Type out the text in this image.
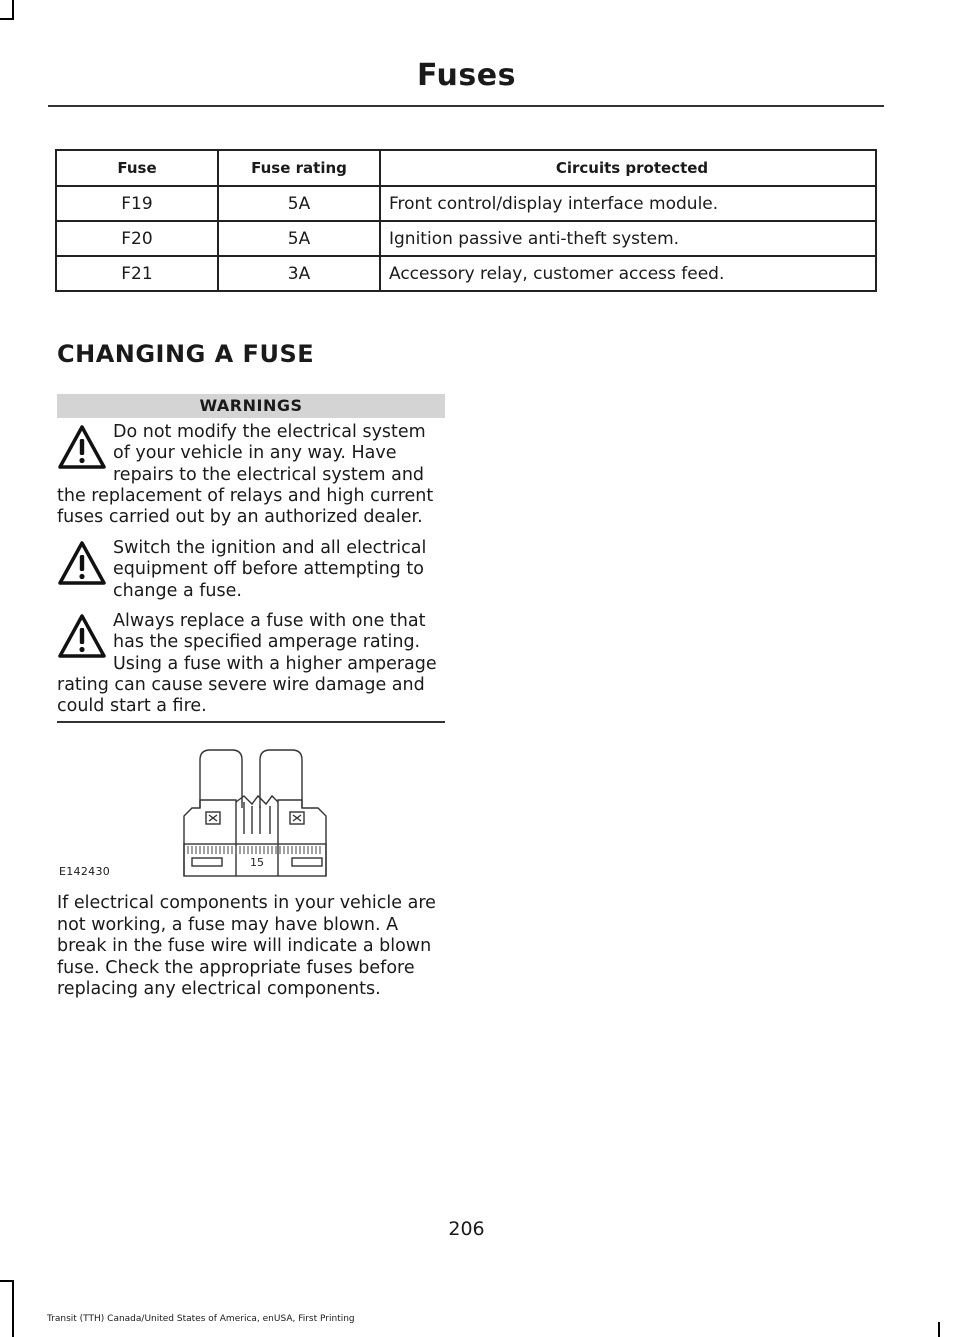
Fuses
Fuse	Fuse rating	Circuits protected
F19	5A	Front control/display interface module.
F20	5A	Ignition passive anti-theft system.
F21	3A	Accessory relay, customer access feed.
CHANGING A FUSE
WARNINGS
Do not modify the electrical system of your vehicle in any way. Have repairs to the electrical system and the replacement of relays and high current fuses carried out by an authorized dealer.
Switch the ignition and all electrical equipment off before attempting to change a fuse.
Always replace a fuse with one that has the specified amperage rating. Using a fuse with a higher amperage rating can cause severe wire damage and could start a fire.
15
E142430
If electrical components in your vehicle are not working, a fuse may have blown. A break in the fuse wire will indicate a blown fuse. Check the appropriate fuses before replacing any electrical components.
206
Transit (TTH) Canada/United States of America, enUSA, First Printing
